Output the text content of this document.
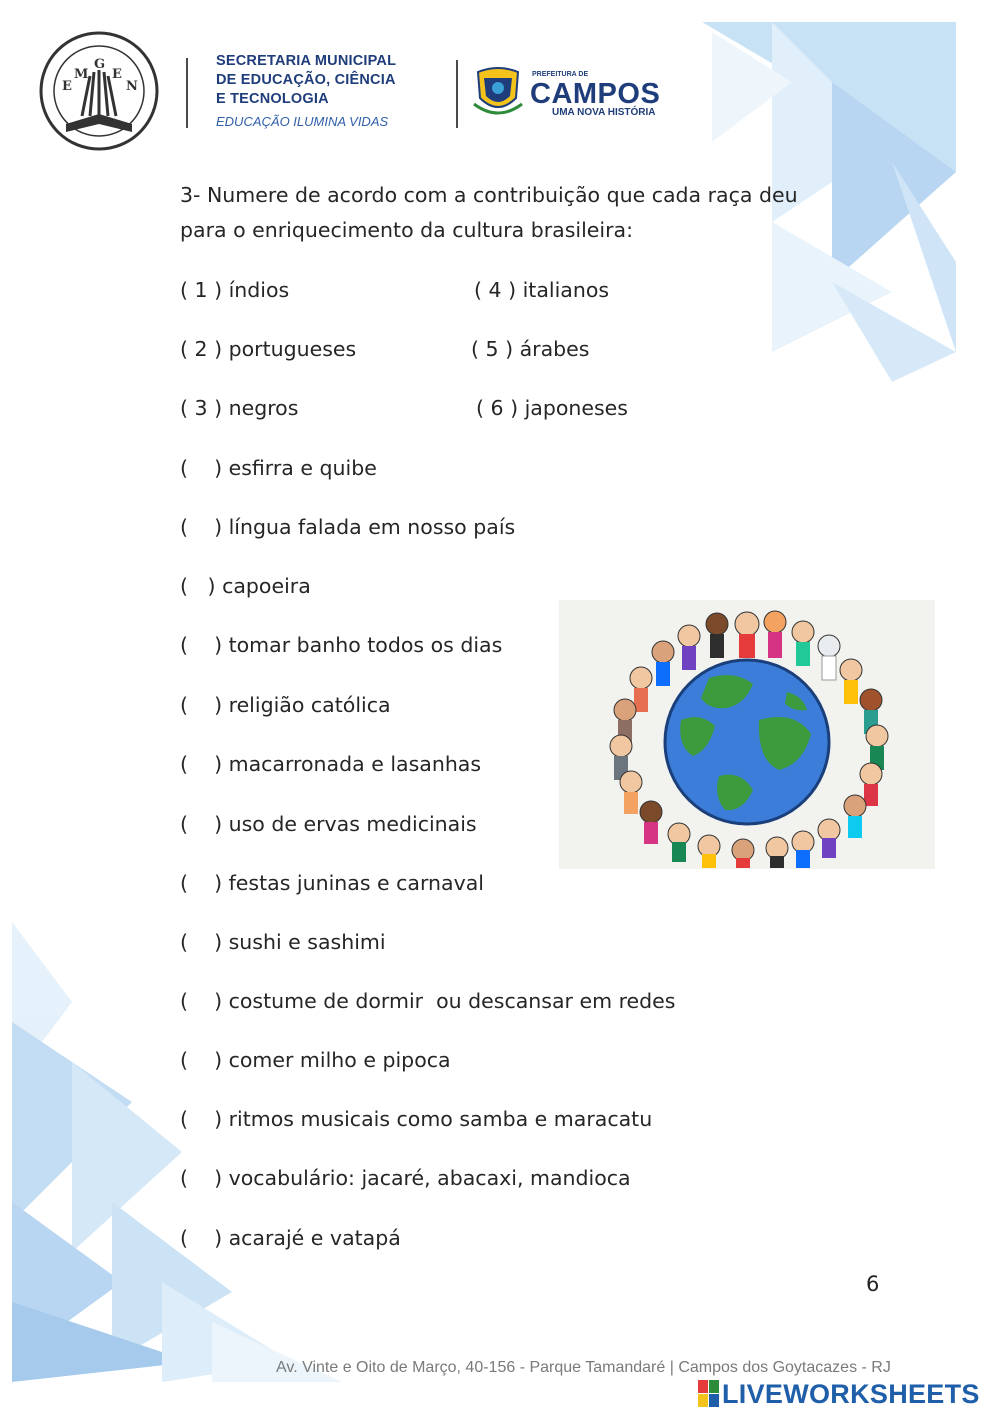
E
M
G
E
N
SECRETARIA MUNICIPAL
DE EDUCAÇÃO, CIÊNCIA
E TECNOLOGIA
EDUCAÇÃO ILUMINA VIDAS
PREFEITURA DE
CAMPOS
UMA NOVA HISTÓRIA
3- Numere de acordo com a contribuição que cada raça deu
para o enriquecimento da cultura brasileira:
( 1 ) índios	( 4 ) italianos
( 2 ) portugueses	( 5 ) árabes
( 3 ) negros	( 6 ) japoneses
(    ) esfirra e quibe
(    ) língua falada em nosso país
(   ) capoeira
(    ) tomar banho todos os dias
(    ) religião católica
(    ) macarronada e lasanhas
(    ) uso de ervas medicinais
(    ) festas juninas e carnaval
(    ) sushi e sashimi
(    ) costume de dormir  ou descansar em redes
(    ) comer milho e pipoca
(    ) ritmos musicais como samba e maracatu
(    ) vocabulário: jacaré, abacaxi, mandioca
(    ) acarajé e vatapá
6
Av. Vinte e Oito de Março, 40-156 - Parque Tamandaré | Campos dos Goytacazes - RJ
LIVEWORKSHEETS
